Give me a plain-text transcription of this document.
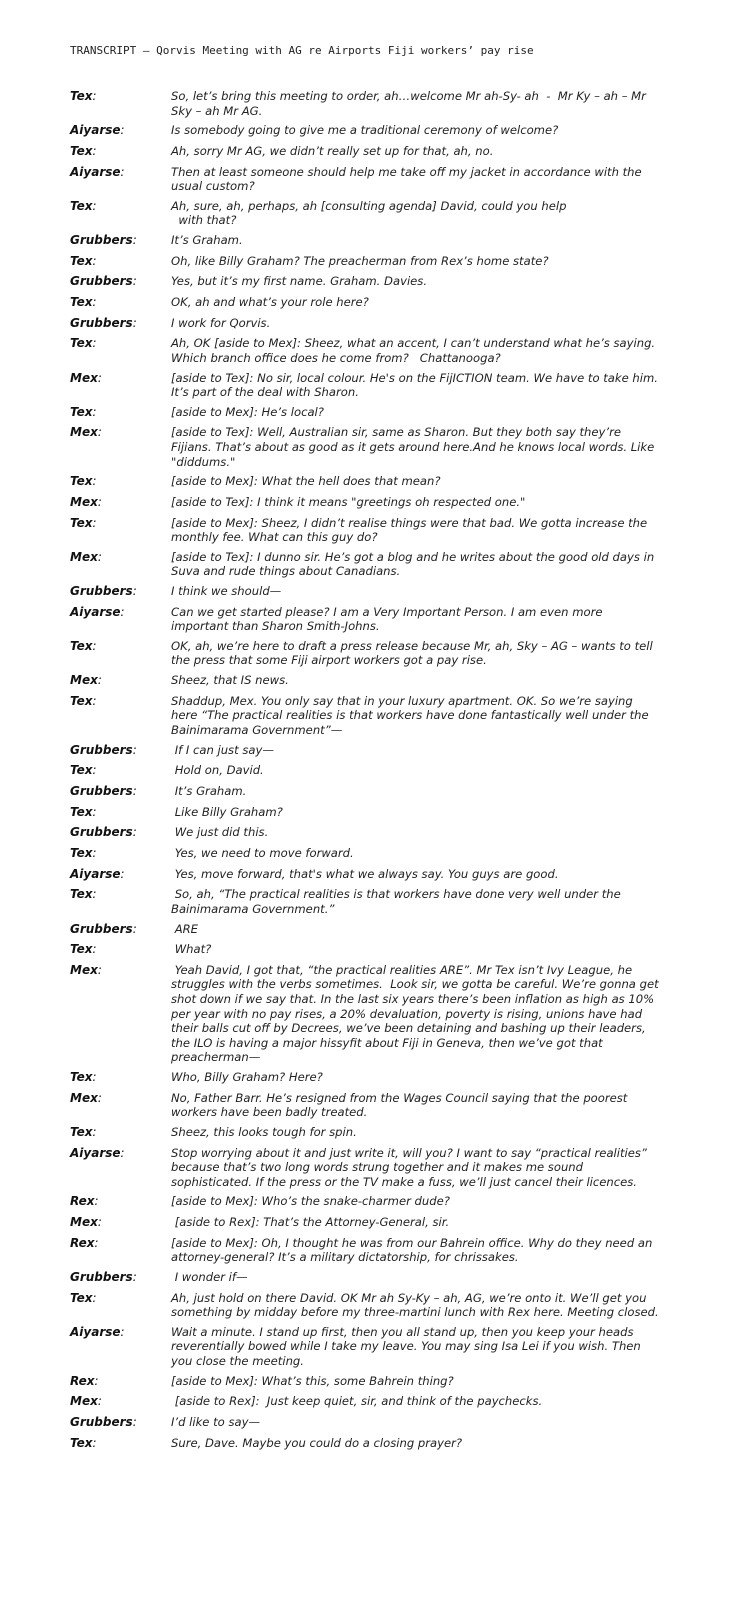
TRANSCRIPT – Qorvis Meeting with AG re Airports Fiji workers’ pay rise
Tex:	So, let’s bring this meeting to order, ah…welcome Mr ah-Sy- ah  -  Mr Ky – ah – Mr Sky – ah Mr AG.
Aiyarse:	Is somebody going to give me a traditional ceremony of welcome?
Tex:	Ah, sorry Mr AG, we didn’t really set up for that, ah, no.
Aiyarse:	Then at least someone should help me take off my jacket in accordance with the usual custom?
Tex:	Ah, sure, ah, perhaps, ah [consulting agenda] David, could you help
with that?
Grubbers:	It’s Graham.
Tex:	Oh, like Billy Graham? The preacherman from Rex’s home state?
Grubbers:	Yes, but it’s my first name. Graham. Davies.
Tex:	OK, ah and what’s your role here?
Grubbers:	I work for Qorvis.
Tex:	Ah, OK [aside to Mex]: Sheez, what an accent, I can’t understand what he’s saying. Which branch office does he come from?   Chattanooga?
Mex:	[aside to Tex]: No sir, local colour. He's on the FijICTION team. We have to take him. It’s part of the deal with Sharon.
Tex:	[aside to Mex]: He’s local?
Mex:	[aside to Tex]: Well, Australian sir, same as Sharon. But they both say they’re Fijians. That’s about as good as it gets around here.And he knows local words. Like "diddums."
Tex:	[aside to Mex]: What the hell does that mean?
Mex:	[aside to Tex]: I think it means "greetings oh respected one."
Tex:	[aside to Mex]: Sheez, I didn’t realise things were that bad. We gotta increase the monthly fee. What can this guy do?
Mex:	[aside to Tex]: I dunno sir. He’s got a blog and he writes about the good old days in Suva and rude things about Canadians.
Grubbers:	I think we should—
Aiyarse:	Can we get started please? I am a Very Important Person. I am even more important than Sharon Smith-Johns.
Tex:	OK, ah, we’re here to draft a press release because Mr, ah, Sky – AG – wants to tell the press that some Fiji airport workers got a pay rise.
Mex:	Sheez, that IS news.
Tex:	Shaddup, Mex. You only say that in your luxury apartment. OK. So we’re saying here “The practical realities is that workers have done fantastically well under the Bainimarama Government”—
Grubbers:	If I can just say—
Tex:	Hold on, David.
Grubbers:	It’s Graham.
Tex:	Like Billy Graham?
Grubbers:	We just did this.
Tex:	Yes, we need to move forward.
Aiyarse:	Yes, move forward, that's what we always say. You guys are good.
Tex:	So, ah, “The practical realities is that workers have done very well under the Bainimarama Government.”
Grubbers:	ARE
Tex:	What?
Mex:	Yeah David, I got that, “the practical realities ARE”. Mr Tex isn’t Ivy League, he struggles with the verbs sometimes.  Look sir, we gotta be careful. We’re gonna get shot down if we say that. In the last six years there’s been inflation as high as 10% per year with no pay rises, a 20% devaluation, poverty is rising, unions have had their balls cut off by Decrees, we’ve been detaining and bashing up their leaders, the ILO is having a major hissyfit about Fiji in Geneva, then we’ve got that preacherman—
Tex:	Who, Billy Graham? Here?
Mex:	No, Father Barr. He’s resigned from the Wages Council saying that the poorest workers have been badly treated.
Tex:	Sheez, this looks tough for spin.
Aiyarse:	Stop worrying about it and just write it, will you? I want to say “practical realities” because that’s two long words strung together and it makes me sound sophisticated. If the press or the TV make a fuss, we’ll just cancel their licences.
Rex:	[aside to Mex]: Who’s the snake-charmer dude?
Mex:	[aside to Rex]: That’s the Attorney-General, sir.
Rex:	[aside to Mex]: Oh, I thought he was from our Bahrein office. Why do they need an attorney-general? It’s a military dictatorship, for chrissakes.
Grubbers:	I wonder if—
Tex:	Ah, just hold on there David. OK Mr ah Sy-Ky – ah, AG, we’re onto it. We’ll get you something by midday before my three-martini lunch with Rex here. Meeting closed.
Aiyarse:	Wait a minute. I stand up first, then you all stand up, then you keep your heads reverentially bowed while I take my leave. You may sing Isa Lei if you wish. Then you close the meeting.
Rex:	[aside to Mex]: What’s this, some Bahrein thing?
Mex:	[aside to Rex]:  Just keep quiet, sir, and think of the paychecks.
Grubbers:	I’d like to say—
Tex:	Sure, Dave. Maybe you could do a closing prayer?
